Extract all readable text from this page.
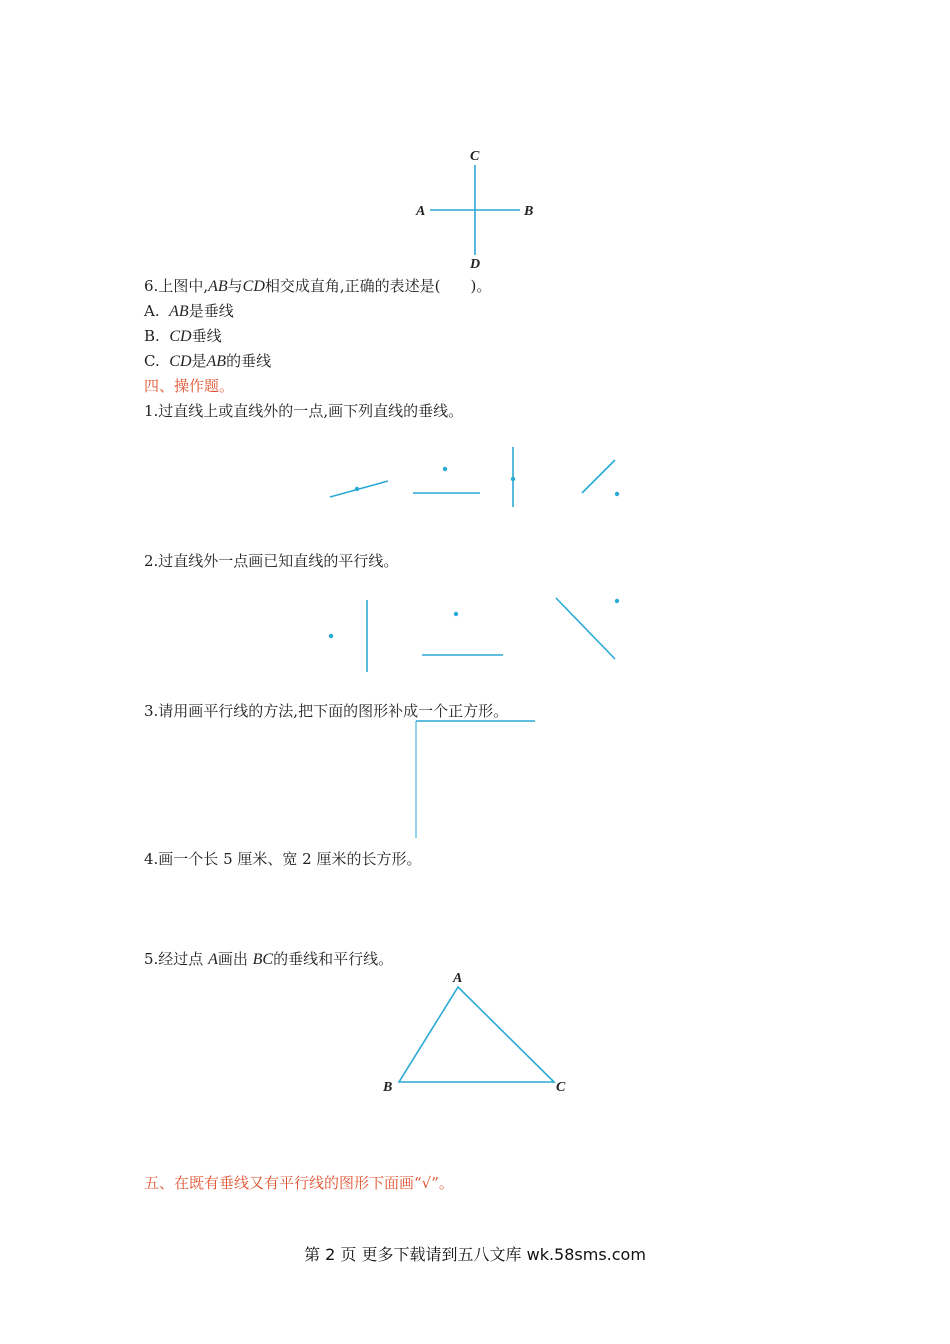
C
A	B
D
A
B	C
6.上图中,AB与CD相交成直角,正确的表述是(　　)。
A. AB是垂线
B. CD垂线
C. CD是AB的垂线
四、操作题。
1.过直线上或直线外的一点,画下列直线的垂线。
2.过直线外一点画已知直线的平行线。
3.请用画平行线的方法,把下面的图形补成一个正方形。
4.画一个长 5 厘米、宽 2 厘米的长方形。
5.经过点 A画出 BC的垂线和平行线。
五、在既有垂线又有平行线的图形下面画“√”。
第 2 页 更多下载请到五八文库 wk.58sms.com
